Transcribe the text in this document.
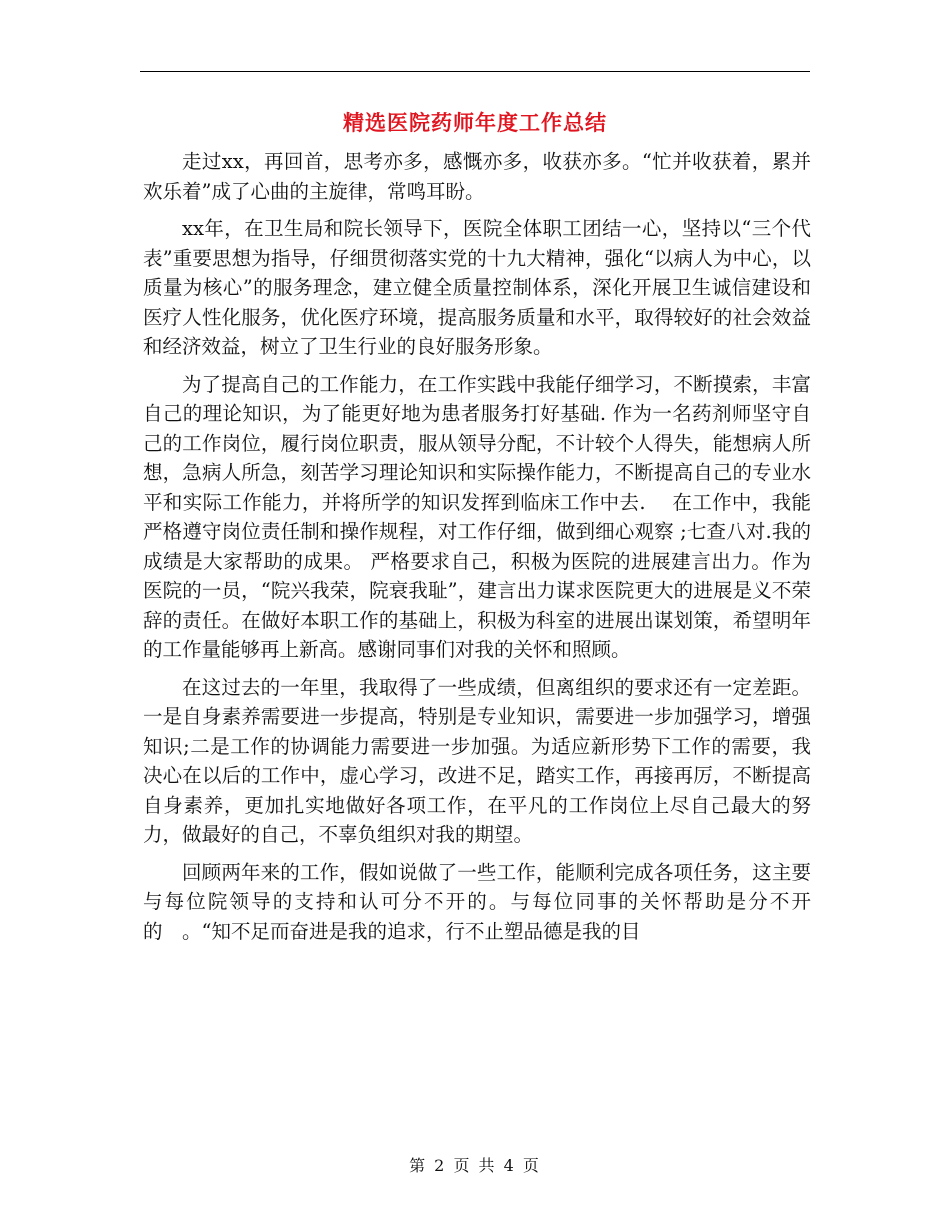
精选医院药师年度工作总结

走过xx，再回首，思考亦多，感慨亦多，收获亦多。“忙并收获着，累并欢乐着”成了心曲的主旋律，常鸣耳盼。

xx年，在卫生局和院长领导下，医院全体职工团结一心，坚持以“三个代表”重要思想为指导，仔细贯彻落实党的十九大精神，强化“以病人为中心，以质量为核心”的服务理念，建立健全质量控制体系，深化开展卫生诚信建设和医疗人性化服务，优化医疗环境，提高服务质量和水平，取得较好的社会效益和经济效益，树立了卫生行业的良好服务形象。

为了提高自己的工作能力，在工作实践中我能仔细学习，不断摸索，丰富自己的理论知识，为了能更好地为患者服务打好基础. 作为一名药剂师坚守自己的工作岗位，履行岗位职责，服从领导分配，不计较个人得失，能想病人所想，急病人所急，刻苦学习理论知识和实际操作能力，不断提高自己的专业水平和实际工作能力，并将所学的知识发挥到临床工作中去.　 在工作中，我能严格遵守岗位责任制和操作规程，对工作仔细，做到细心观察 ;七查八对.我的成绩是大家帮助的成果。 严格要求自己，积极为医院的进展建言出力。作为医院的一员，“院兴我荣，院衰我耻”，建言出力谋求医院更大的进展是义不荣辞的责任。在做好本职工作的基础上，积极为科室的进展出谋划策，希望明年的工作量能够再上新高。感谢同事们对我的关怀和照顾。

在这过去的一年里，我取得了一些成绩，但离组织的要求还有一定差距。一是自身素养需要进一步提高，特别是专业知识，需要进一步加强学习，增强知识;二是工作的协调能力需要进一步加强。为适应新形势下工作的需要，我决心在以后的工作中，虚心学习，改进不足，踏实工作，再接再厉，不断提高自身素养，更加扎实地做好各项工作，在平凡的工作岗位上尽自己最大的努力，做最好的自己，不辜负组织对我的期望。

回顾两年来的工作，假如说做了一些工作，能顺利完成各项任务，这主要与每位院领导的支持和认可分不开的。与每位同事的关怀帮助是分不开的　。“知不足而奋进是我的追求，行不止塑品德是我的目

第 2 页 共 4 页
